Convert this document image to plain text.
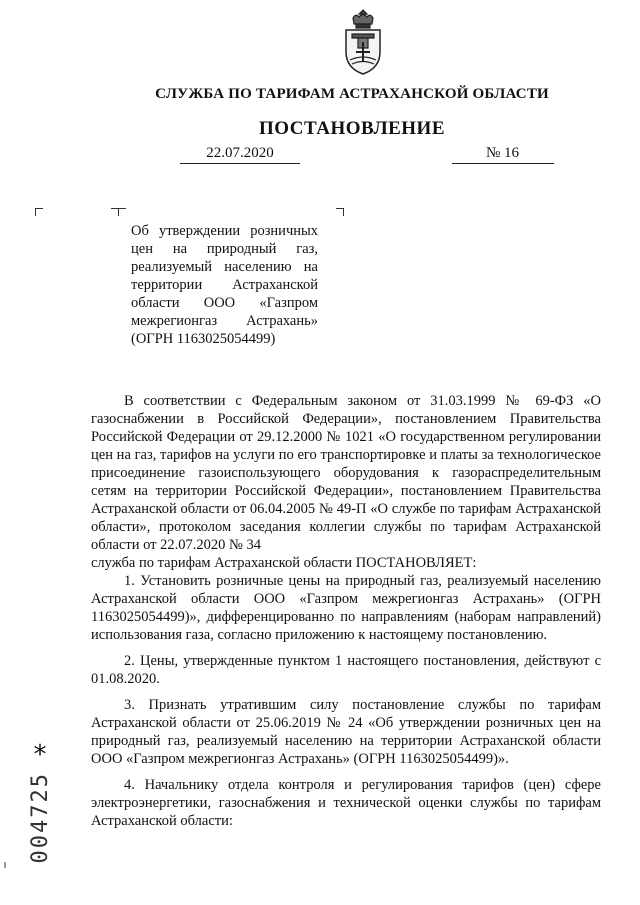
СЛУЖБА ПО ТАРИФАМ АСТРАХАНСКОЙ ОБЛАСТИ
ПОСТАНОВЛЕНИЕ
22.07.2020	№ 16
Об утверждении розничных цен на природный газ, реализуемый населению на территории Астраханской области ООО «Газпром межрегионгаз Астрахань» (ОГРН 1163025054499)

В соответствии с Федеральным законом от 31.03.1999 № 69-ФЗ «О газоснабжении в Российской Федерации», постановлением Правительства Российской Федерации от 29.12.2000 № 1021 «О государственном регулировании цен на газ, тарифов на услуги по его транспортировке и платы за технологическое присоединение газоиспользующего оборудования к газораспределительным сетям на территории Российской Федерации», постановлением Правительства Астраханской области от 06.04.2005 № 49-П «О службе по тарифам Астраханской области», протоколом заседания коллегии службы по тарифам Астраханской области от 22.07.2020 № 34

служба по тарифам Астраханской области ПОСТАНОВЛЯЕТ:

1. Установить розничные цены на природный газ, реализуемый населению Астраханской области ООО «Газпром межрегионгаз Астрахань» (ОГРН 1163025054499)», дифференцированно по направлениям (наборам направлений) использования газа, согласно приложению к настоящему постановлению.

2. Цены, утвержденные пунктом 1 настоящего постановления, действуют с 01.08.2020.

3. Признать утратившим силу постановление службы по тарифам Астраханской области от 25.06.2019 № 24 «Об утверждении розничных цен на природный газ, реализуемый населению на территории Астраханской области ООО «Газпром межрегионгаз Астрахань» (ОГРН 1163025054499)».

4. Начальнику отдела контроля и регулирования тарифов (цен) сфере электроэнергетики, газоснабжения и технической оценки службы по тарифам Астраханской области:

*
004725
